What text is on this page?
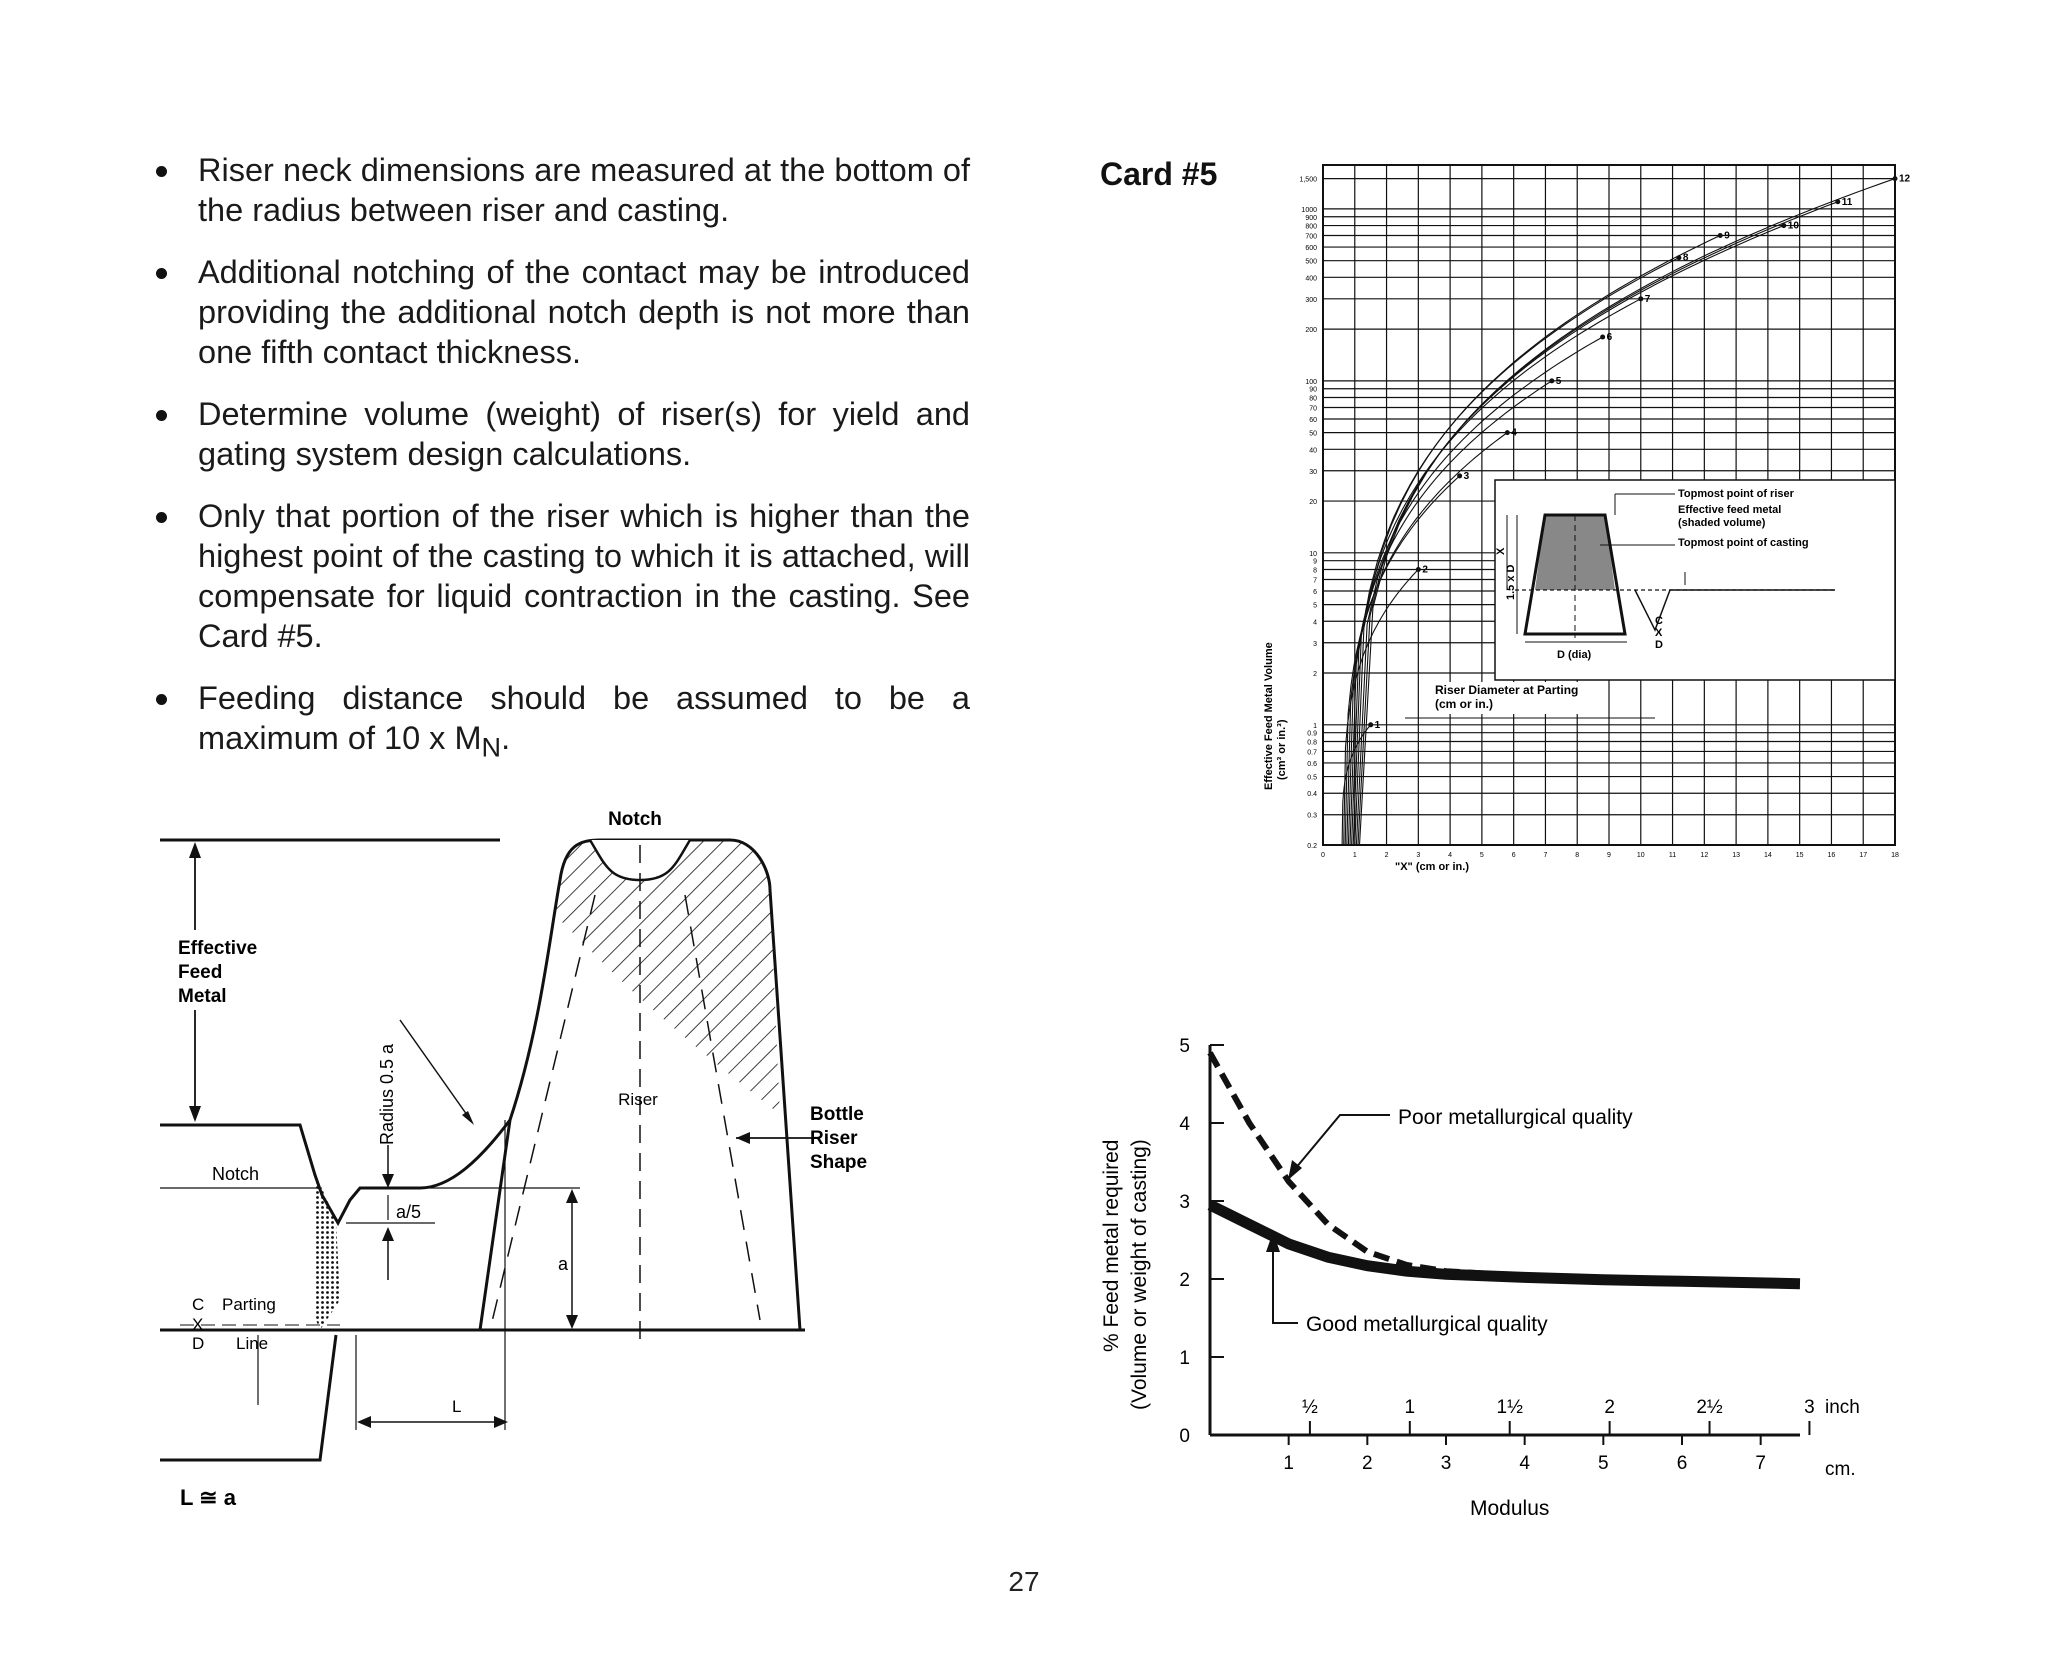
Riser neck dimensions are measured at the bottom of the radius between riser and casting.
Additional notching of the contact may be introduced providing the additional notch depth is not more than one fifth contact thickness.
Determine volume (weight) of riser(s) for yield and gating system design calculations.
Only that portion of the riser which is higher than the highest point of the casting to which it is attached, will compensate for liquid contraction in the casting. See Card #5.
Feeding distance should be assumed to be a maximum of 10 x $M_N$.
Card #5
Notch
Riser
Bottle
Riser
Shape
Effective
Feed
Metal
Notch
C
X
D
Parting
Line
Radius 0.5 a
a/5
a
L
L ≅ a
1,500
1000
900
800
700
600
500
400
300
200
100
90
80
70
60
50
40
30
20
10
9
8
7
6
5
4
3
2
1
0.9
0.8
0.7
0.6
0.5
0.4
0.3
0.2
0	1	2	3	4	5	6	7	8	9	10	11	12	13	14	15	16	17	18
1
2
3
4
5
6
7
8
9
10
11
12
Topmost point of riser
Effective feed metal
(shaded volume)
Topmost point of casting
X
1.5 x D
D (dia)
C
X
D
Riser Diameter at Parting
(cm or in.)
Effective Feed Metal Volume (cm³ or in.³)
"X" (cm or in.)
0
1
2
3
4
5
1	2	3	4	5	6	7	cm.
½	1	1½	2	2½	3 inch
Poor metallurgical quality
Good metallurgical quality
% Feed metal required (Volume or weight of casting)
Modulus
27
